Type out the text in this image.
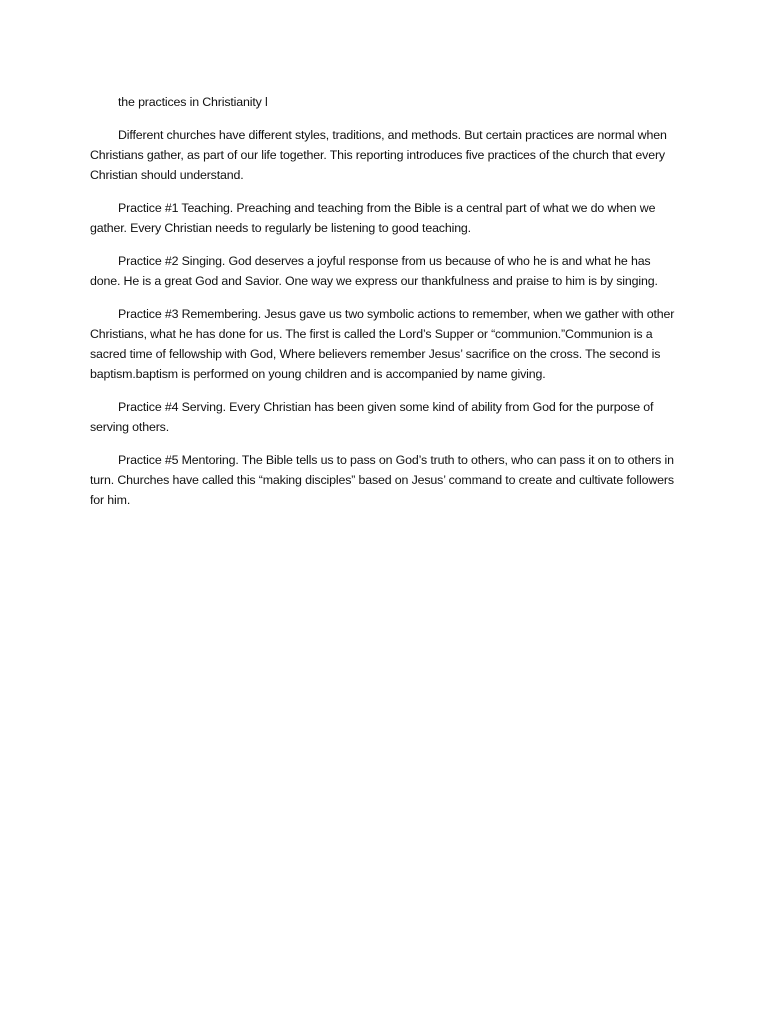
the practices in Christianity l

Different churches have different styles, traditions, and methods. But certain practices are normal when Christians gather, as part of our life together. This reporting introduces five practices of the church that every Christian should understand.

Practice #1 Teaching. Preaching and teaching from the Bible is a central part of what we do when we gather. Every Christian needs to regularly be listening to good teaching.

Practice #2 Singing. God deserves a joyful response from us because of who he is and what he has done. He is a great God and Savior. One way we express our thankfulness and praise to him is by singing.

Practice #3 Remembering. Jesus gave us two symbolic actions to remember, when we gather with other Christians, what he has done for us. The first is called the Lord’s Supper or “communion.”Communion is a sacred time of fellowship with God, Where believers remember Jesus’ sacrifice on the cross. The second is baptism.baptism is performed on young children and is accompanied by name giving.

Practice #4 Serving. Every Christian has been given some kind of ability from God for the purpose of serving others.

Practice #5 Mentoring. The Bible tells us to pass on God’s truth to others, who can pass it on to others in turn. Churches have called this “making disciples” based on Jesus’ command to create and cultivate followers for him.
